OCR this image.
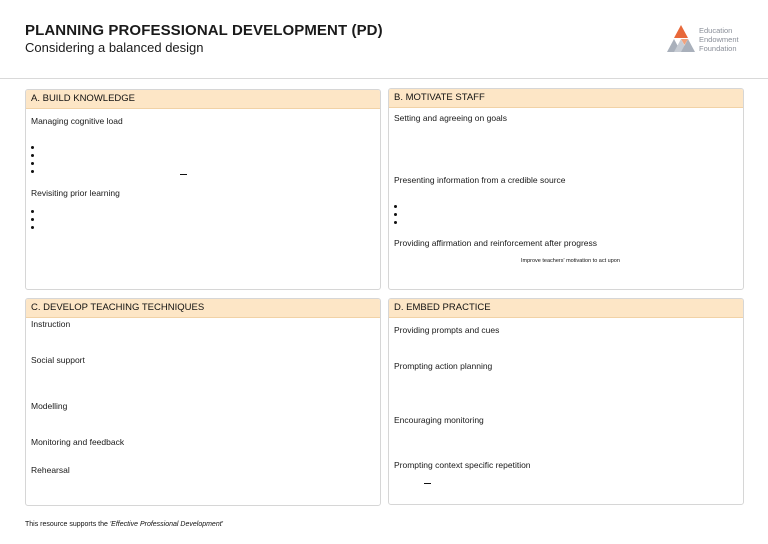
PLANNING PROFESSIONAL DEVELOPMENT (PD)
Considering a balanced design
Education
Endowment
Foundation
A. BUILD KNOWLEDGE
Managing cognitive load
Revisiting prior learning
B. MOTIVATE STAFF
Setting and agreeing on goals
Presenting information from a credible source
Providing affirmation and reinforcement after progress
Improve teachers' motivation to act upon
C. DEVELOP TEACHING TECHNIQUES
Instruction
Social support
Modelling
Monitoring and feedback
Rehearsal
D. EMBED PRACTICE
Providing prompts and cues
Prompting action planning
Encouraging monitoring
Prompting context specific repetition
This resource supports the 'Effective Professional Development'
